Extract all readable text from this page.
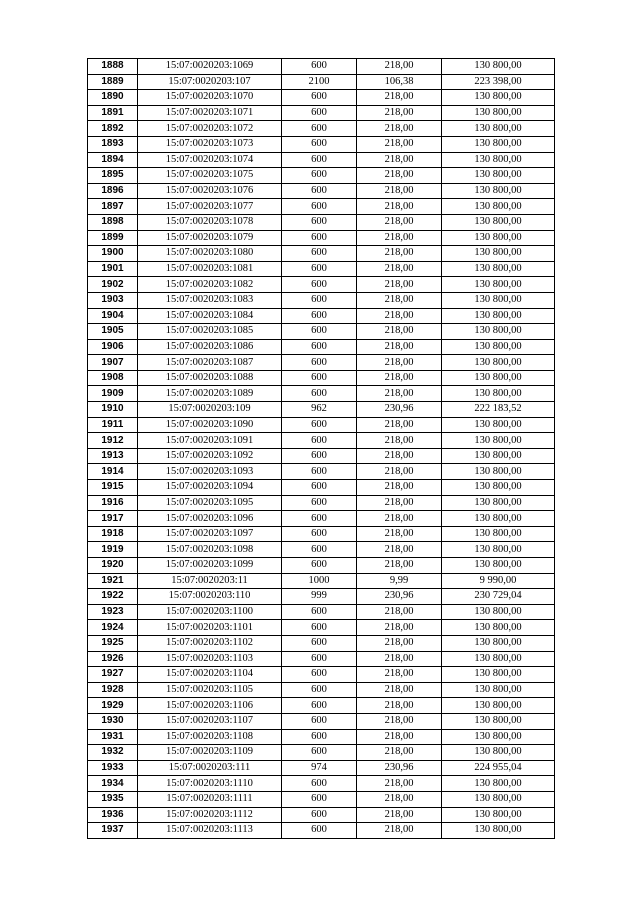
1888	15:07:0020203:1069	600	218,00	130 800,00
1889	15:07:0020203:107	2100	106,38	223 398,00
1890	15:07:0020203:1070	600	218,00	130 800,00
1891	15:07:0020203:1071	600	218,00	130 800,00
1892	15:07:0020203:1072	600	218,00	130 800,00
1893	15:07:0020203:1073	600	218,00	130 800,00
1894	15:07:0020203:1074	600	218,00	130 800,00
1895	15:07:0020203:1075	600	218,00	130 800,00
1896	15:07:0020203:1076	600	218,00	130 800,00
1897	15:07:0020203:1077	600	218,00	130 800,00
1898	15:07:0020203:1078	600	218,00	130 800,00
1899	15:07:0020203:1079	600	218,00	130 800,00
1900	15:07:0020203:1080	600	218,00	130 800,00
1901	15:07:0020203:1081	600	218,00	130 800,00
1902	15:07:0020203:1082	600	218,00	130 800,00
1903	15:07:0020203:1083	600	218,00	130 800,00
1904	15:07:0020203:1084	600	218,00	130 800,00
1905	15:07:0020203:1085	600	218,00	130 800,00
1906	15:07:0020203:1086	600	218,00	130 800,00
1907	15:07:0020203:1087	600	218,00	130 800,00
1908	15:07:0020203:1088	600	218,00	130 800,00
1909	15:07:0020203:1089	600	218,00	130 800,00
1910	15:07:0020203:109	962	230,96	222 183,52
1911	15:07:0020203:1090	600	218,00	130 800,00
1912	15:07:0020203:1091	600	218,00	130 800,00
1913	15:07:0020203:1092	600	218,00	130 800,00
1914	15:07:0020203:1093	600	218,00	130 800,00
1915	15:07:0020203:1094	600	218,00	130 800,00
1916	15:07:0020203:1095	600	218,00	130 800,00
1917	15:07:0020203:1096	600	218,00	130 800,00
1918	15:07:0020203:1097	600	218,00	130 800,00
1919	15:07:0020203:1098	600	218,00	130 800,00
1920	15:07:0020203:1099	600	218,00	130 800,00
1921	15:07:0020203:11	1000	9,99	9 990,00
1922	15:07:0020203:110	999	230,96	230 729,04
1923	15:07:0020203:1100	600	218,00	130 800,00
1924	15:07:0020203:1101	600	218,00	130 800,00
1925	15:07:0020203:1102	600	218,00	130 800,00
1926	15:07:0020203:1103	600	218,00	130 800,00
1927	15:07:0020203:1104	600	218,00	130 800,00
1928	15:07:0020203:1105	600	218,00	130 800,00
1929	15:07:0020203:1106	600	218,00	130 800,00
1930	15:07:0020203:1107	600	218,00	130 800,00
1931	15:07:0020203:1108	600	218,00	130 800,00
1932	15:07:0020203:1109	600	218,00	130 800,00
1933	15:07:0020203:111	974	230,96	224 955,04
1934	15:07:0020203:1110	600	218,00	130 800,00
1935	15:07:0020203:1111	600	218,00	130 800,00
1936	15:07:0020203:1112	600	218,00	130 800,00
1937	15:07:0020203:1113	600	218,00	130 800,00
